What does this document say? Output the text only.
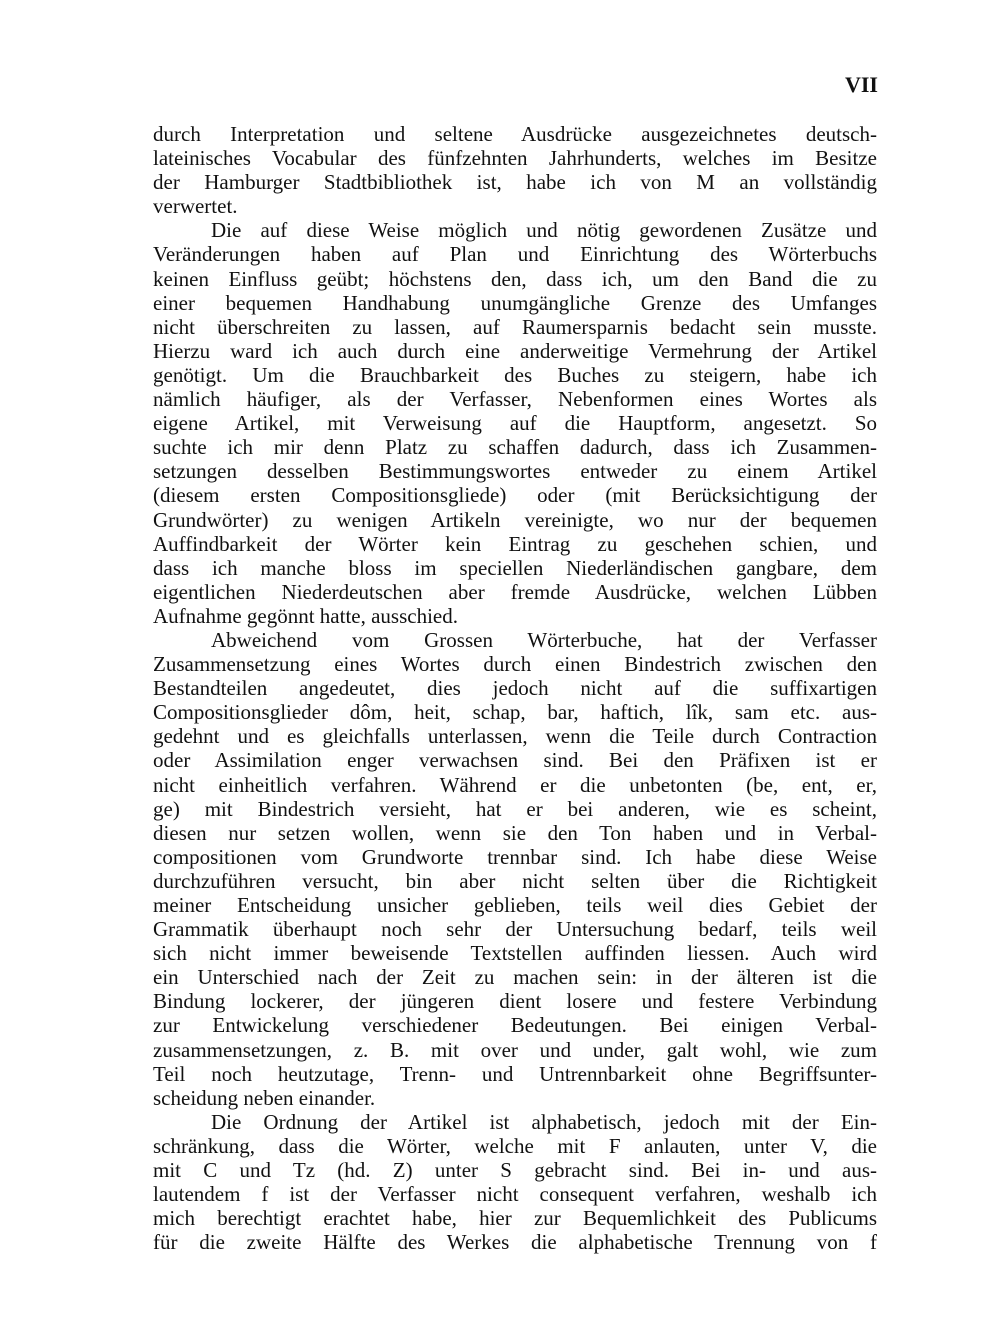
VII
durch Interpretation und seltene Ausdrücke ausgezeichnetes deutsch-
lateinisches Vocabular des fünfzehnten Jahrhunderts, welches im Besitze
der Hamburger Stadtbibliothek ist, habe ich von M an vollständig
verwertet.
Die auf diese Weise möglich und nötig gewordenen Zusätze und
Veränderungen haben auf Plan und Einrichtung des Wörterbuchs
keinen Einfluss geübt; höchstens den, dass ich, um den Band die zu
einer bequemen Handhabung unumgängliche Grenze des Umfanges
nicht überschreiten zu lassen, auf Raumersparnis bedacht sein musste.
Hierzu ward ich auch durch eine anderweitige Vermehrung der Artikel
genötigt. Um die Brauchbarkeit des Buches zu steigern, habe ich
nämlich häufiger, als der Verfasser, Nebenformen eines Wortes als
eigene Artikel, mit Verweisung auf die Hauptform, angesetzt. So
suchte ich mir denn Platz zu schaffen dadurch, dass ich Zusammen-
setzungen desselben Bestimmungswortes entweder zu einem Artikel
(diesem ersten Compositionsgliede) oder (mit Berücksichtigung der
Grundwörter) zu wenigen Artikeln vereinigte, wo nur der bequemen
Auffindbarkeit der Wörter kein Eintrag zu geschehen schien, und
dass ich manche bloss im speciellen Niederländischen gangbare, dem
eigentlichen Niederdeutschen aber fremde Ausdrücke, welchen Lübben
Aufnahme gegönnt hatte, ausschied.
Abweichend vom Grossen Wörterbuche, hat der Verfasser
Zusammensetzung eines Wortes durch einen Bindestrich zwischen den
Bestandteilen angedeutet, dies jedoch nicht auf die suffixartigen
Compositionsglieder dôm, heit, schap, bar, haftich, lîk, sam etc. aus-
gedehnt und es gleichfalls unterlassen, wenn die Teile durch Contraction
oder Assimilation enger verwachsen sind. Bei den Präfixen ist er
nicht einheitlich verfahren. Während er die unbetonten (be, ent, er,
ge) mit Bindestrich versieht, hat er bei anderen, wie es scheint,
diesen nur setzen wollen, wenn sie den Ton haben und in Verbal-
compositionen vom Grundworte trennbar sind. Ich habe diese Weise
durchzuführen versucht, bin aber nicht selten über die Richtigkeit
meiner Entscheidung unsicher geblieben, teils weil dies Gebiet der
Grammatik überhaupt noch sehr der Untersuchung bedarf, teils weil
sich nicht immer beweisende Textstellen auffinden liessen. Auch wird
ein Unterschied nach der Zeit zu machen sein: in der älteren ist die
Bindung lockerer, der jüngeren dient losere und festere Verbindung
zur Entwickelung verschiedener Bedeutungen. Bei einigen Verbal-
zusammensetzungen, z. B. mit over und under, galt wohl, wie zum
Teil noch heutzutage, Trenn- und Untrennbarkeit ohne Begriffsunter-
scheidung neben einander.
Die Ordnung der Artikel ist alphabetisch, jedoch mit der Ein-
schränkung, dass die Wörter, welche mit F anlauten, unter V, die
mit C und Tz (hd. Z) unter S gebracht sind. Bei in- und aus-
lautendem f ist der Verfasser nicht consequent verfahren, weshalb ich
mich berechtigt erachtet habe, hier zur Bequemlichkeit des Publicums
für die zweite Hälfte des Werkes die alphabetische Trennung von f
